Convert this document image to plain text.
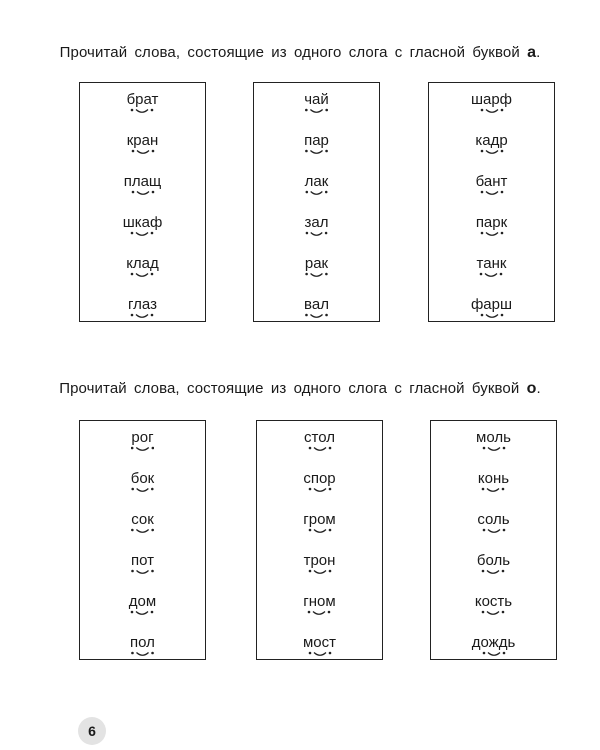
Прочитай слова, состоящие из одного слога с гласной буквой а.
брат
кран
плащ
шкаф
клад
глаз
чай
пар
лак
зал
рак
вал
шарф
кадр
бант
парк
танк
фарш
Прочитай слова, состоящие из одного слога с гласной буквой о.
рог
бок
сок
пот
дом
пол
стол
спор
гром
трон
гном
мост
моль
конь
соль
боль
кость
дождь
6
